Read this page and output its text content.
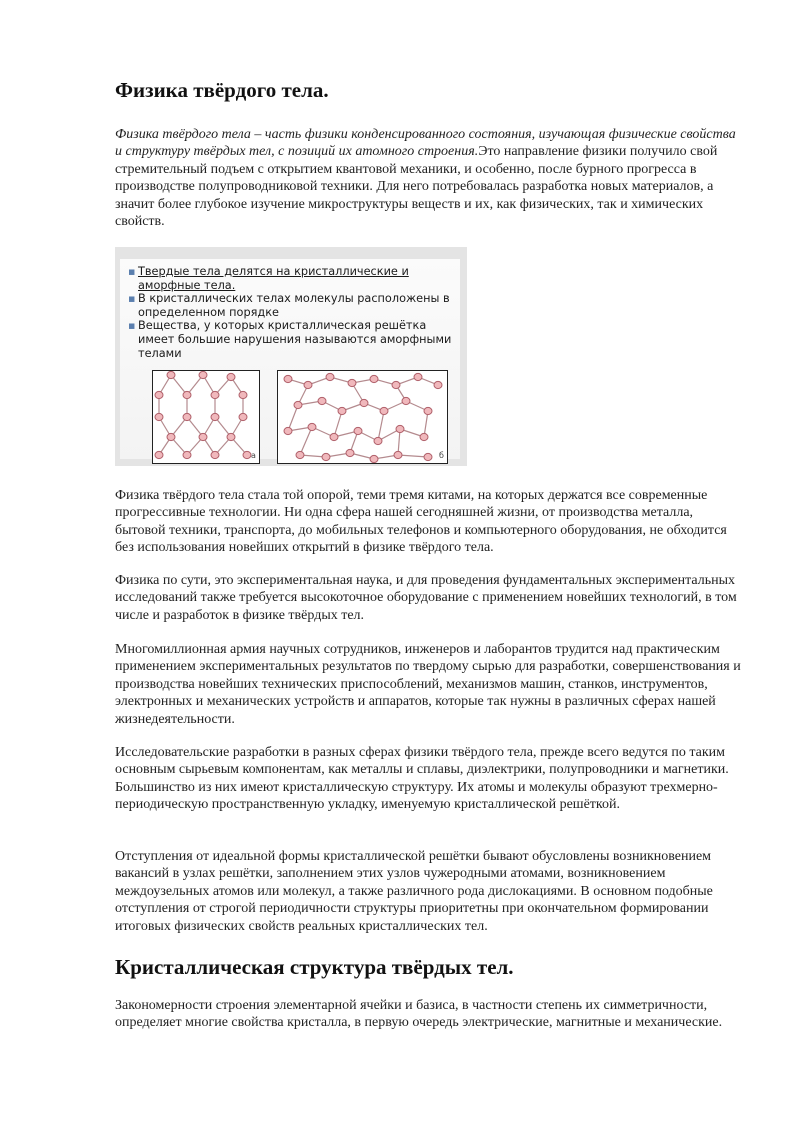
Физика твёрдого тела.

Физика твёрдого тела – часть физики конденсированного состояния, изучающая физические свойства и структуру твёрдых тел, с позиций их атомного строения.Это направление физики получило свой стремительный подъем с открытием квантовой механики, и особенно, после бурного прогресса в производстве полупроводниковой техники. Для него потребовалась разработка новых материалов, а значит более глубокое изучение микроструктуры веществ и их, как физических, так и химических свойств.

▪ Твердые тела делятся на кристаллические и аморфные тела.
▪ В кристаллических телах молекулы расположены в определенном порядке
▪ Вещества, у которых кристаллическая решётка имеет большие нарушения называются аморфными телами
а	б

Физика твёрдого тела стала той опорой, теми тремя китами, на которых держатся все современные прогрессивные технологии. Ни одна сфера нашей сегодняшней жизни, от производства металла, бытовой техники, транспорта, до мобильных телефонов и компьютерного оборудования, не обходится без использования новейших открытий в физике твёрдого тела.

Физика по сути, это экспериментальная наука, и для проведения фундаментальных экспериментальных исследований также требуется высокоточное оборудование с применением новейших технологий, в том числе и разработок в физике твёрдых тел.

Многомиллионная армия научных сотрудников, инженеров и лаборантов трудится над практическим применением экспериментальных результатов по твердому сырью для разработки, совершенствования и производства новейших технических приспособлений, механизмов машин, станков, инструментов, электронных и механических устройств и аппаратов, которые так нужны в различных сферах нашей жизнедеятельности.

Исследовательские разработки в разных сферах физики твёрдого тела, прежде всего ведутся по таким основным сырьевым компонентам, как металлы и сплавы, диэлектрики, полупроводники и магнетики. Большинство из них имеют кристаллическую структуру. Их атомы и молекулы образуют трехмерно-периодическую пространственную укладку, именуемую кристаллической решёткой.

Отступления от идеальной формы кристаллической решётки бывают обусловлены возникновением вакансий в узлах решётки, заполнением этих узлов чужеродными атомами, возникновением междоузельных атомов или молекул, а также различного рода дислокациями. В основном подобные отступления от строгой периодичности структуры приоритетны при окончательном формировании итоговых физических свойств реальных кристаллических тел.

Кристаллическая структура твёрдых тел.

Закономерности строения элементарной ячейки и базиса, в частности степень их симметричности, определяет многие свойства кристалла, в первую очередь электрические, магнитные и механические.
